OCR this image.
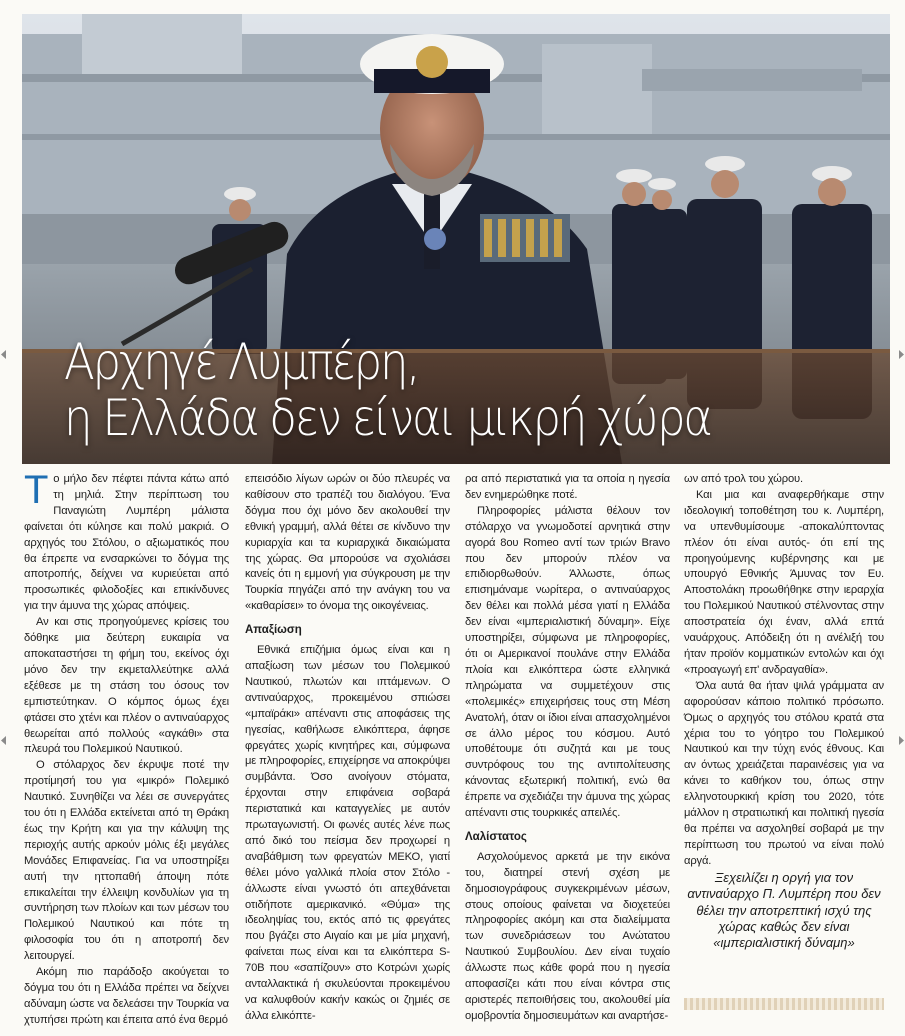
Αρχηγέ Λυμπέρη,
η Ελλάδα δεν είναι μικρή χώρα
Τ ο μήλο δεν πέφτει πάντα κάτω από τη μηλιά. Στην περίπτωση του Παναγιώτη Λυμπέρη μάλιστα φαίνεται ότι κύλησε και πολύ μακριά. Ο αρχηγός του Στόλου, ο αξιωματικός που θα έπρεπε να ενσαρκώνει το δόγμα της αποτροπής, δείχνει να κυριεύεται από προσωπικές φιλοδοξίες και επικίνδυνες για την άμυνα της χώρας απόψεις.

Αν και στις προηγούμενες κρίσεις του δόθηκε μια δεύτερη ευκαιρία να αποκαταστήσει τη φήμη του, εκείνος όχι μόνο δεν την εκμεταλλεύτηκε αλλά εξέθεσε με τη στάση του όσους τον εμπιστεύτηκαν. Ο κόμπος όμως έχει φτάσει στο χτένι και πλέον ο αντιναύαρχος θεωρείται από πολλούς «αγκάθι» στα πλευρά του Πολεμικού Ναυτικού.

Ο στόλαρχος δεν έκρυψε ποτέ την προτίμησή του για «μικρό» Πολεμικό Ναυτικό. Συνηθίζει να λέει σε συνεργάτες του ότι η Ελλάδα εκτείνεται από τη Θράκη έως την Κρήτη και για την κάλυψη της περιοχής αυτής αρκούν μόλις έξι μεγάλες Μονάδες Επιφανείας. Για να υποστηρίξει αυτή την ηττοπαθή άποψη πότε επικαλείται την έλλειψη κονδυλίων για τη συντήρηση των πλοίων και των μέσων του Πολεμικού Ναυτικού και πότε τη φιλοσοφία του ότι η αποτροπή δεν λειτουργεί.

Ακόμη πιο παράδοξο ακούγεται το δόγμα του ότι η Ελλάδα πρέπει να δείχνει αδύναμη ώστε να δελεάσει την Τουρκία να χτυπήσει πρώτη και έπειτα από ένα θερμό

επεισόδιο λίγων ωρών οι δύο πλευρές να καθίσουν στο τραπέζι του διαλόγου. Ένα δόγμα που όχι μόνο δεν ακολουθεί την εθνική γραμμή, αλλά θέτει σε κίνδυνο την κυριαρχία και τα κυριαρχικά δικαιώματα της χώρας. Θα μπορούσε να σχολιάσει κανείς ότι η εμμονή για σύγκρουση με την Τουρκία πηγάζει από την ανάγκη του να «καθαρίσει» το όνομα της οικογένειας.

Απαξίωση

Εθνικά επιζήμια όμως είναι και η απαξίωση των μέσων του Πολεμικού Ναυτικού, πλωτών και ιπτάμενων. Ο αντιναύαρχος, προκειμένου σπιώσει «μπαϊράκι» απέναντι στις αποφάσεις της ηγεσίας, καθήλωσε ελικόπτερα, άφησε φρεγάτες χωρίς κινητήρες και, σύμφωνα με πληροφορίες, επιχείρησε να αποκρύψει συμβάντα. Όσο ανοίγουν στόματα, έρχονται στην επιφάνεια σοβαρά περιστατικά και καταγγελίες με αυτόν πρωταγωνιστή. Οι φωνές αυτές λένε πως από δικό του πείσμα δεν προχωρεί η αναβάθμιση των φρεγατών ΜΕΚΟ, γιατί θέλει μόνο γαλλικά πλοία στον Στόλο - άλλωστε είναι γνωστό ότι απεχθάνεται οτιδήποτε αμερικανικό. «Θύμα» της ιδεοληψίας του, εκτός από τις φρεγάτες που βγάζει στο Αιγαίο και με μία μηχανή, φαίνεται πως είναι και τα ελικόπτερα S-70B που «σαπίζουν» στο Κοτρώνι χωρίς ανταλλακτικά ή σκυλεύονται προκειμένου να καλυφθούν κακήν κακώς οι ζημιές σε άλλα ελικόπτε-

ρα από περιστατικά για τα οποία η ηγεσία δεν ενημερώθηκε ποτέ.

Πληροφορίες μάλιστα θέλουν τον στόλαρχο να γνωμοδοτεί αρνητικά στην αγορά 8ου Romeo αντί των τριών Bravo που δεν μπορούν πλέον να επιδιορθωθούν. Άλλωστε, όπως επισημάναμε νωρίτερα, ο αντιναύαρχος δεν θέλει και πολλά μέσα γιατί η Ελλάδα δεν είναι «ιμπεριαλιστική δύναμη». Είχε υποστηρίξει, σύμφωνα με πληροφορίες, ότι οι Αμερικανοί πουλάνε στην Ελλάδα πλοία και ελικόπτερα ώστε ελληνικά πληρώματα να συμμετέχουν στις «πολεμικές» επιχειρήσεις τους στη Μέση Ανατολή, όταν οι ίδιοι είναι απασχολημένοι σε άλλο μέρος του κόσμου. Αυτό υποθέτουμε ότι συζητά και με τους συντρόφους του της αντιπολίτευσης κάνοντας εξωτερική πολιτική, ενώ θα έπρεπε να σχεδιάζει την άμυνα της χώρας απέναντι στις τουρκικές απειλές.

Λαλίστατος

Ασχολούμενος αρκετά με την εικόνα του, διατηρεί στενή σχέση με δημοσιογράφους συγκεκριμένων μέσων, στους οποίους φαίνεται να διοχετεύει πληροφορίες ακόμη και στα διαλείμματα των συνεδριάσεων του Ανώτατου Ναυτικού Συμβουλίου. Δεν είναι τυχαίο άλλωστε πως κάθε φορά που η ηγεσία αποφασίζει κάτι που είναι κόντρα στις αριστερές πεποιθήσεις του, ακολουθεί μία ομοβροντία δημοσιευμάτων και αναρτήσε-

ων από τρολ του χώρου.

Και μια και αναφερθήκαμε στην ιδεολογική τοποθέτηση του κ. Λυμπέρη, να υπενθυμίσουμε -αποκαλύπτοντας πλέον ότι είναι αυτός- ότι επί της προηγούμενης κυβέρνησης και με υπουργό Εθνικής Άμυνας τον Ευ. Αποστολάκη προωθήθηκε στην ιεραρχία του Πολεμικού Ναυτικού στέλνοντας στην αποστρατεία όχι έναν, αλλά επτά ναυάρχους. Απόδειξη ότι η ανέλιξή του ήταν προϊόν κομματικών εντολών και όχι «προαγωγή επ' ανδραγαθία».

Όλα αυτά θα ήταν ψιλά γράμματα αν αφορούσαν κάποιο πολιτικό πρόσωπο. Όμως ο αρχηγός του στόλου κρατά στα χέρια του το γόητρο του Πολεμικού Ναυτικού και την τύχη ενός έθνους. Και αν όντως χρειάζεται παραινέσεις για να κάνει το καθήκον του, όπως στην ελληνοτουρκική κρίση του 2020, τότε μάλλον η στρατιωτική και πολιτική ηγεσία θα πρέπει να ασχοληθεί σοβαρά με την περίπτωση του πρωτού να είναι πολύ αργά.

Ξεχειλίζει η οργή για τον αντιναύαρχο Π. Λυμπέρη που δεν θέλει την αποτρεπτική ισχύ της χώρας καθώς δεν είναι «ιμπεριαλιστική δύναμη»
